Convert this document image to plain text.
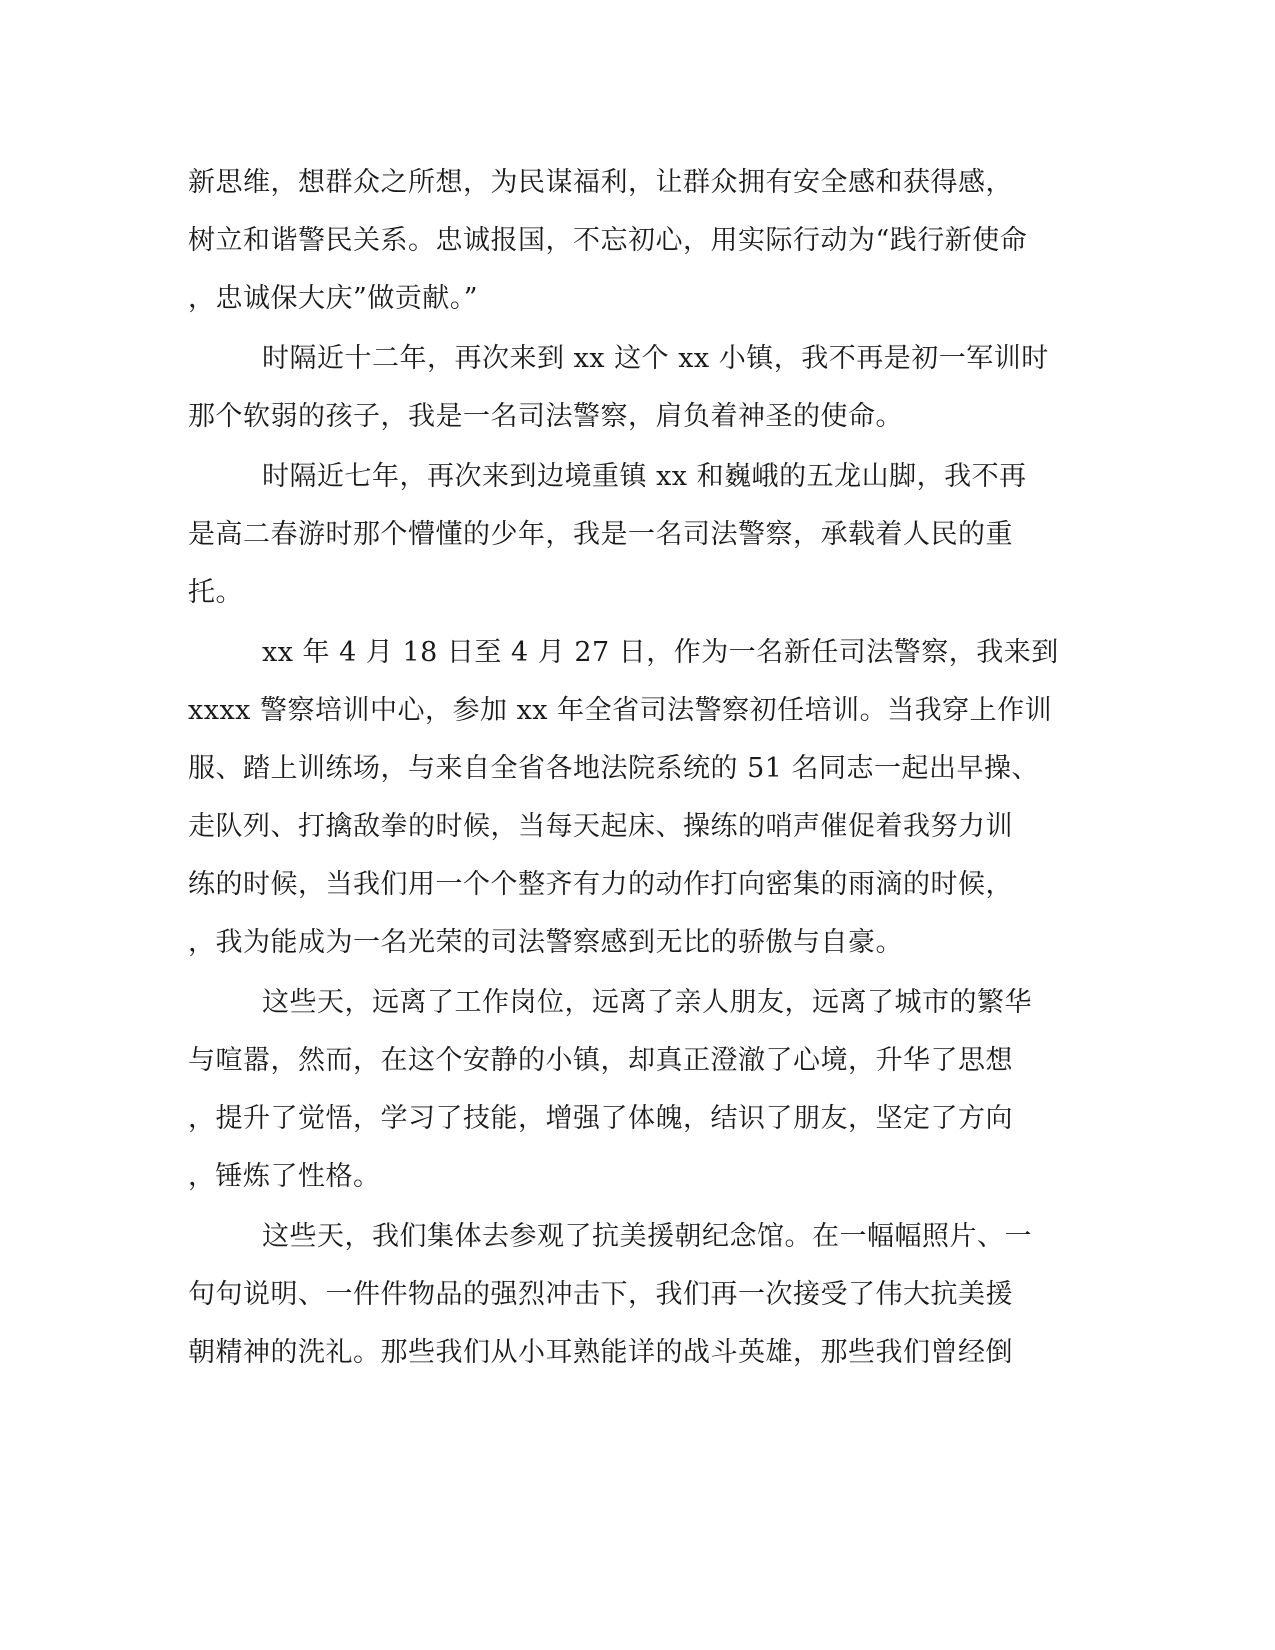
新思维，想群众之所想，为民谋福利，让群众拥有安全感和获得感，
树立和谐警民关系。忠诚报国，不忘初心，用实际行动为“践行新使命
，忠诚保大庆”做贡献。”
时隔近十二年，再次来到 xx 这个 xx 小镇，我不再是初一军训时
那个软弱的孩子，我是一名司法警察，肩负着神圣的使命。
时隔近七年，再次来到边境重镇 xx 和巍峨的五龙山脚，我不再
是高二春游时那个懵懂的少年，我是一名司法警察，承载着人民的重
托。
xx 年 4 月 18 日至 4 月 27 日，作为一名新任司法警察，我来到
xxxx 警察培训中心，参加 xx 年全省司法警察初任培训。当我穿上作训
服、踏上训练场，与来自全省各地法院系统的 51 名同志一起出早操、
走队列、打擒敌拳的时候，当每天起床、操练的哨声催促着我努力训
练的时候，当我们用一个个整齐有力的动作打向密集的雨滴的时候，
，我为能成为一名光荣的司法警察感到无比的骄傲与自豪。
这些天，远离了工作岗位，远离了亲人朋友，远离了城市的繁华
与喧嚣，然而，在这个安静的小镇，却真正澄澈了心境，升华了思想
，提升了觉悟，学习了技能，增强了体魄，结识了朋友，坚定了方向
，锤炼了性格。
这些天，我们集体去参观了抗美援朝纪念馆。在一幅幅照片、一
句句说明、一件件物品的强烈冲击下，我们再一次接受了伟大抗美援
朝精神的洗礼。那些我们从小耳熟能详的战斗英雄，那些我们曾经倒
